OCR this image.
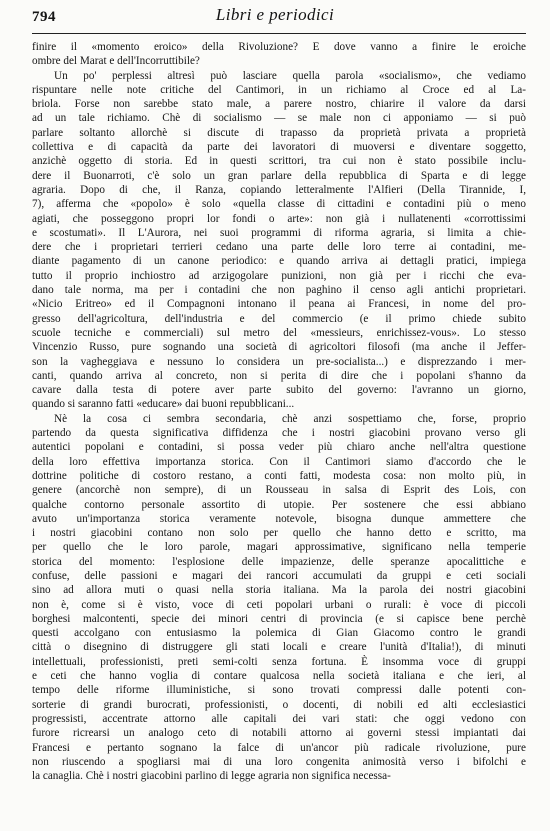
794	Libri e periodici
finire il «momento eroico» della Rivoluzione? E dove vanno a finire le eroiche
ombre del Marat e dell'Incorruttibile?
Un po' perplessi altresì può lasciare quella parola «socialismo», che vediamo
rispuntare nelle note critiche del Cantimori, in un richiamo al Croce ed al La-
briola. Forse non sarebbe stato male, a parere nostro, chiarire il valore da darsi
ad un tale richiamo. Chè di socialismo — se male non ci apponiamo — si può
parlare soltanto allorchè si discute di trapasso da proprietà privata a proprietà
collettiva e di capacità da parte dei lavoratori di muoversi e diventare soggetto,
anzichè oggetto di storia. Ed in questi scrittori, tra cui non è stato possibile inclu-
dere il Buonarroti, c'è solo un gran parlare della repubblica di Sparta e di legge
agraria. Dopo di che, il Ranza, copiando letteralmente l'Alfieri (Della Tirannide, I,
7), afferma che «popolo» è solo «quella classe di cittadini e contadini più o meno
agiati, che posseggono propri lor fondi o arte»: non già i nullatenenti «corrottissimi
e scostumati». Il L'Aurora, nei suoi programmi di riforma agraria, si limita a chie-
dere che i proprietari terrieri cedano una parte delle loro terre ai contadini, me-
diante pagamento di un canone periodico: e quando arriva ai dettagli pratici, impiega
tutto il proprio inchiostro ad arzigogolare punizioni, non già per i ricchi che eva-
dano tale norma, ma per i contadini che non paghino il censo agli antichi proprietari.
«Nicio Eritreo» ed il Compagnoni intonano il peana ai Francesi, in nome del pro-
gresso dell'agricoltura, dell'industria e del commercio (e il primo chiede subito
scuole tecniche e commerciali) sul metro del «messieurs, enrichissez-vous». Lo stesso
Vincenzio Russo, pure sognando una società di agricoltori filosofi (ma anche il Jeffer-
son la vagheggiava e nessuno lo considera un pre-socialista...) e disprezzando i mer-
canti, quando arriva al concreto, non si perita di dire che i popolani s'hanno da
cavare dalla testa di potere aver parte subito del governo: l'avranno un giorno,
quando si saranno fatti «educare» dai buoni repubblicani...
Nè la cosa ci sembra secondaria, chè anzi sospettiamo che, forse, proprio
partendo da questa significativa diffidenza che i nostri giacobini provano verso gli
autentici popolani e contadini, si possa veder più chiaro anche nell'altra questione
della loro effettiva importanza storica. Con il Cantimori siamo d'accordo che le
dottrine politiche di costoro restano, a conti fatti, modesta cosa: non molto più, in
genere (ancorchè non sempre), di un Rousseau in salsa di Esprit des Lois, con
qualche contorno personale assortito di utopie. Per sostenere che essi abbiano
avuto un'importanza storica veramente notevole, bisogna dunque ammettere che
i nostri giacobini contano non solo per quello che hanno detto e scritto, ma
per quello che le loro parole, magari approssimative, significano nella temperie
storica del momento: l'esplosione delle impazienze, delle speranze apocalittiche e
confuse, delle passioni e magari dei rancori accumulati da gruppi e ceti sociali
sino ad allora muti o quasi nella storia italiana. Ma la parola dei nostri giacobini
non è, come si è visto, voce di ceti popolari urbani o rurali: è voce di piccoli
borghesi malcontenti, specie dei minori centri di provincia (e si capisce bene perchè
questi accolgano con entusiasmo la polemica di Gian Giacomo contro le grandi
città o disegnino di distruggere gli stati locali e creare l'unità d'Italia!), di minuti
intellettuali, professionisti, preti semi-colti senza fortuna. È insomma voce di gruppi
e ceti che hanno voglia di contare qualcosa nella società italiana e che ieri, al
tempo delle riforme illuministiche, si sono trovati compressi dalle potenti con-
sorterie di grandi burocrati, professionisti, o docenti, di nobili ed alti ecclesiastici
progressisti, accentrate attorno alle capitali dei vari stati: che oggi vedono con
furore ricrearsi un analogo ceto di notabili attorno ai governi stessi impiantati dai
Francesi e pertanto sognano la falce di un'ancor più radicale rivoluzione, pure
non riuscendo a spogliarsi mai di una loro congenita animosità verso i bifolchi e
la canaglia. Chè i nostri giacobini parlino di legge agraria non significa necessa-
